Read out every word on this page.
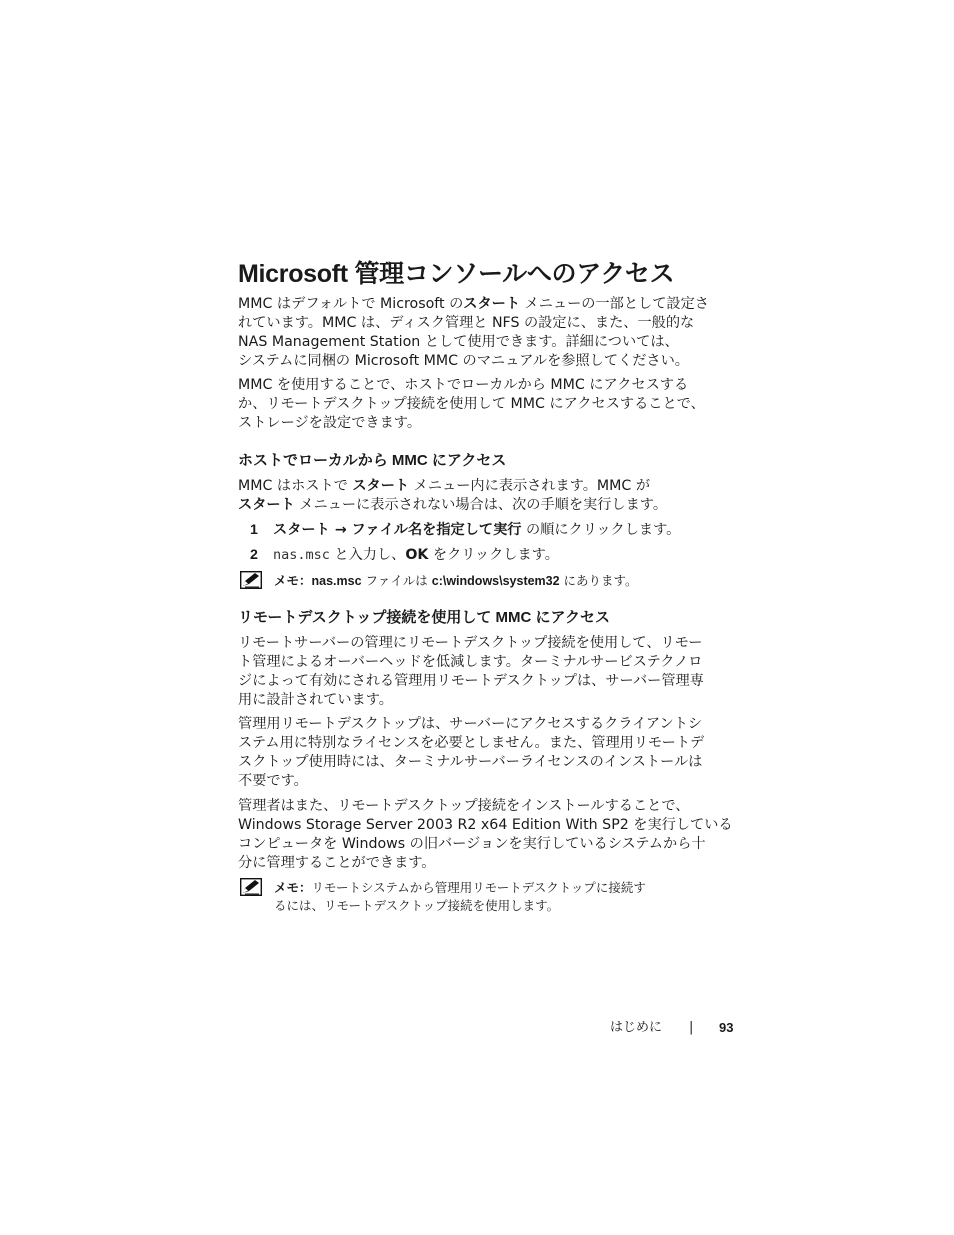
Microsoft 管理コンソールへのアクセス

MMC はデフォルトで Microsoft のスタート メニューの一部として設定さ

れています。MMC は、ディスク管理と NFS の設定に、また、一般的な

NAS Management Station として使用できます。詳細については、

システムに同梱の Microsoft MMC のマニュアルを参照してください。

MMC を使用することで、ホストでローカルから MMC にアクセスする

か、リモートデスクトップ接続を使用して MMC にアクセスすることで、

ストレージを設定できます。

ホストでローカルから MMC にアクセス

MMC はホストで スタート メニュー内に表示されます。MMC が

スタート メニューに表示されない場合は、次の手順を実行します。

1 スタート → ファイル名を指定して実行 の順にクリックします。
2 nas.msc と入力し、OK をクリックします。
メモ：nas.msc ファイルは c:\windows\system32 にあります。
リモートデスクトップ接続を使用して MMC にアクセス

リモートサーバーの管理にリモートデスクトップ接続を使用して、リモー

ト管理によるオーバーヘッドを低減します。ターミナルサービステクノロ

ジによって有効にされる管理用リモートデスクトップは、サーバー管理専

用に設計されています。

管理用リモートデスクトップは、サーバーにアクセスするクライアントシ

ステム用に特別なライセンスを必要としません。また、管理用リモートデ

スクトップ使用時には、ターミナルサーバーライセンスのインストールは

不要です。

管理者はまた、リモートデスクトップ接続をインストールすることで、

Windows Storage Server 2003 R2 x64 Edition With SP2 を実行している

コンピュータを Windows の旧バージョンを実行しているシステムから十

分に管理することができます。

メモ：リモートシステムから管理用リモートデスクトップに接続す
るには、リモートデスクトップ接続を使用します。
はじめに | 93
